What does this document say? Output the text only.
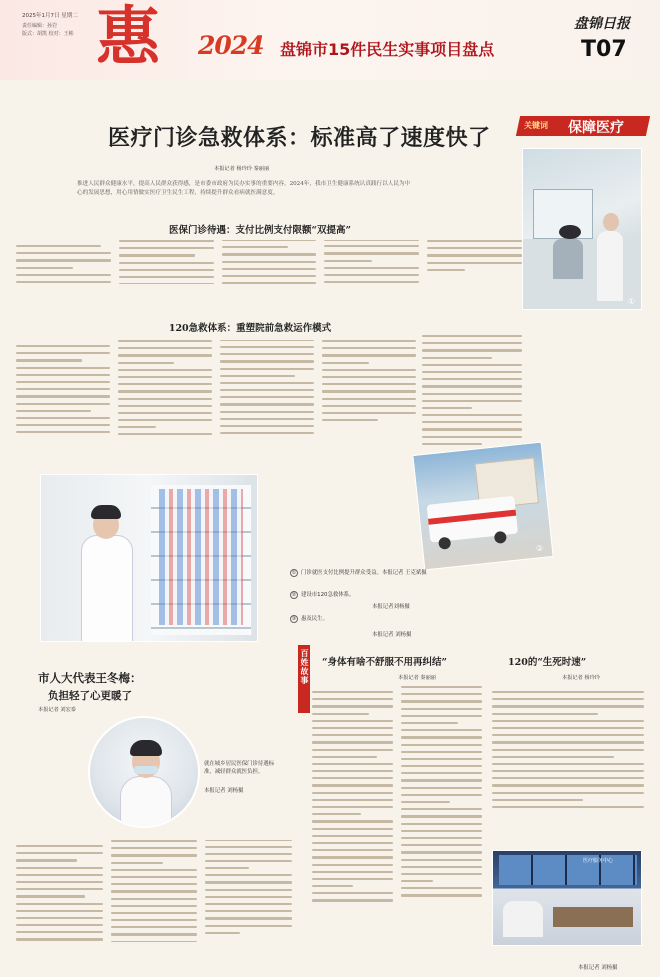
2025年1月7日 星期二
责任编辑：孙岩
版式：胡凯 校对：王彬 惠 2024 盘锦市15件民生实事项目盘点
盘锦日报
T07
医疗门诊急救体系：标准高了速度快了	关键词 保障医疗
本报记者 杨玲玲 秦丽丽
推进人民群众健康水平，提高人民群众获得感，是市委市政府为民办实事的重要内容。2024年，我市卫生健康系统认真践行以人民为中心的发展思想，用心用情做实医疗卫生民生工程，持续提升群众看病就医满意度。
①
医保门诊待遇：支付比例支付限额“双提高”
120急救体系：重塑院前急救运作模式
②
③
① 门诊就医支付比例提升群众受益。本报记者 王克斌摄
② 建设市120急救体系。
本报记者刘杨摄
③ 惠及民生。
本报记者 刘杨摄
百姓故事
市人大代表王冬梅：
负担轻了心更暖了
本报记者 刘宏泰
就在城乡居民医保门诊待遇标准，减轻群众就医负担。
本报记者 刘杨摄
“身体有啥不舒服不用再纠结”
本报记者 秦丽丽
120的“生死时速”
本报记者 杨玲玲
医疗服务中心
本报记者 刘杨摄
